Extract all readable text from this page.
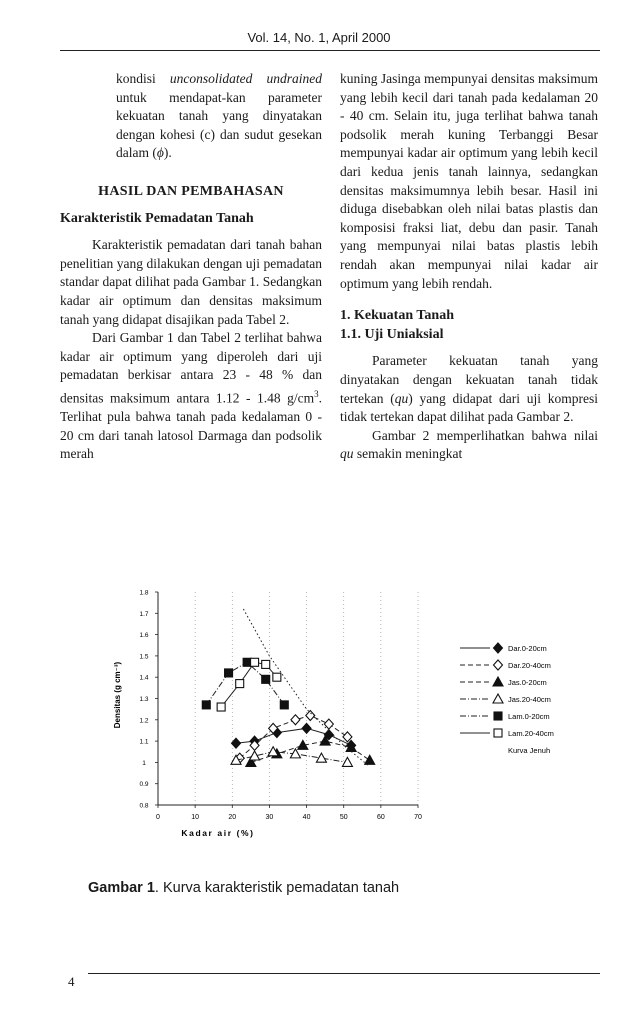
Vol. 14, No. 1, April 2000

kondisi unconsolidated undrained untuk mendapat-kan parameter kekuatan tanah yang dinyatakan dengan kohesi (c) dan sudut gesekan dalam (ϕ).

HASIL DAN PEMBAHASAN
Karakteristik Pemadatan Tanah

Karakteristik pemadatan dari tanah bahan penelitian yang dilakukan dengan uji pemadatan standar dapat dilihat pada Gambar 1. Sedangkan kadar air optimum dan densitas maksimum tanah yang didapat disajikan pada Tabel 2.

Dari Gambar 1 dan Tabel 2 terlihat bahwa kadar air optimum yang diperoleh dari uji pemadatan berkisar antara 23 - 48 % dan densitas maksimum antara 1.12 - 1.48 $g/cm^3$. Terlihat pula bahwa tanah pada kedalaman 0 - 20 cm dari tanah latosol Darmaga dan podsolik merah

kuning Jasinga mempunyai densitas maksimum yang lebih kecil dari tanah pada kedalaman 20 - 40 cm. Selain itu, juga terlihat bahwa tanah podsolik merah kuning Terbanggi Besar mempunyai kadar air optimum yang lebih kecil dari kedua jenis tanah lainnya, sedangkan densitas maksimumnya lebih besar. Hasil ini diduga disebabkan oleh nilai batas plastis dan komposisi fraksi liat, debu dan pasir. Tanah yang mempunyai nilai batas plastis lebih rendah akan mempunyai nilai kadar air optimum yang lebih rendah.

1. Kekuatan Tanah
1.1. Uji Uniaksial

Parameter kekuatan tanah yang dinyatakan dengan kekuatan tanah tidak tertekan (qu) yang didapat dari uji kompresi tidak tertekan dapat dilihat pada Gambar 2.

Gambar 2 memperlihatkan bahwa nilai qu semakin meningkat

0	10	20	30	40	50	60	70
0.8
0.9
1
1.1
1.2
1.3
1.4
1.5
1.6
1.7
1.8
Dar.0-20cm
Dar.20-40cm
Jas.0-20cm
Jas.20-40cm
Lam.0-20cm
Lam.20-40cm
Kurva Jenuh
Kadar air (%)
Densitas (g cm⁻³)
Gambar 1. Kurva karakteristik pemadatan tanah
4
